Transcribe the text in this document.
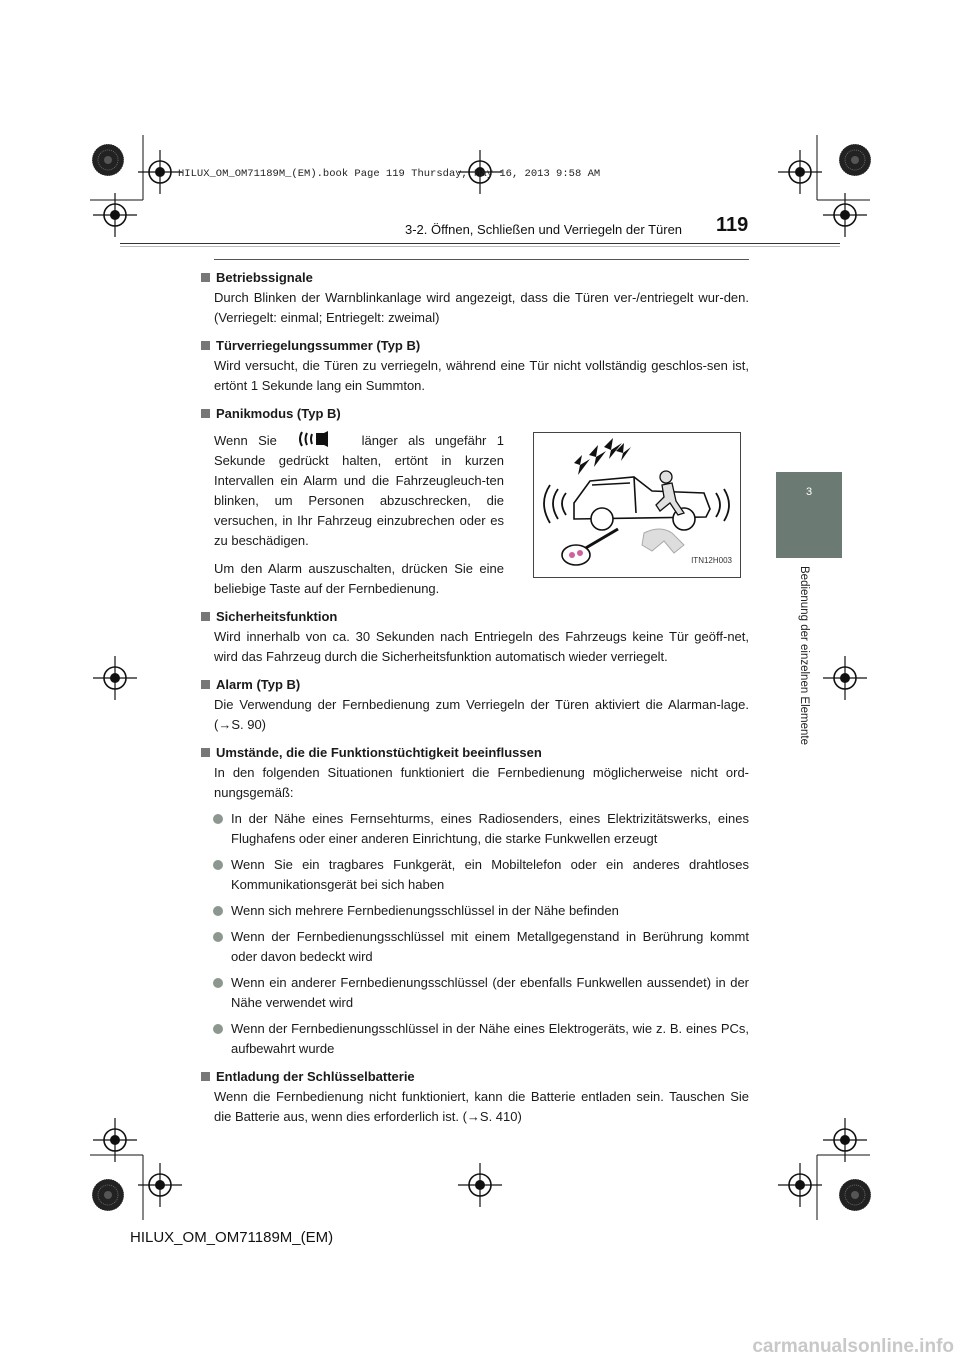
HILUX_OM_OM71189M_(EM).book Page 119 Thursday, May 16, 2013 9:58 AM
3-2. Öffnen, Schließen und Verriegeln der Türen 119
3
Bedienung der einzelnen Elemente
Betriebssignale
Durch Blinken der Warnblinkanlage wird angezeigt, dass die Türen ver-/entriegelt wur-den. (Verriegelt: einmal; Entriegelt: zweimal)
Türverriegelungssummer (Typ B)
Wird versucht, die Türen zu verriegeln, während eine Tür nicht vollständig geschlos-sen ist, ertönt 1 Sekunde lang ein Summton.
Panikmodus (Typ B)
Wenn Sie	länger als ungefähr 1 Sekunde gedrückt halten, ertönt in kurzen Intervallen ein Alarm und die Fahrzeugleuch-ten blinken, um Personen abzuschrecken, die versuchen, in Ihr Fahrzeug einzubrechen oder es zu beschädigen.
Um den Alarm auszuschalten, drücken Sie eine beliebige Taste auf der Fernbedienung.
ITN12H003
Sicherheitsfunktion
Wird innerhalb von ca. 30 Sekunden nach Entriegeln des Fahrzeugs keine Tür geöff-net, wird das Fahrzeug durch die Sicherheitsfunktion automatisch wieder verriegelt.
Alarm (Typ B)
Die Verwendung der Fernbedienung zum Verriegeln der Türen aktiviert die Alarman-lage. (→S. 90)
Umstände, die die Funktionstüchtigkeit beeinflussen
In den folgenden Situationen funktioniert die Fernbedienung möglicherweise nicht ord-nungsgemäß:
In der Nähe eines Fernsehturms, eines Radiosenders, eines Elektrizitätswerks, eines Flughafens oder einer anderen Einrichtung, die starke Funkwellen erzeugt
Wenn Sie ein tragbares Funkgerät, ein Mobiltelefon oder ein anderes drahtloses Kommunikationsgerät bei sich haben
Wenn sich mehrere Fernbedienungsschlüssel in der Nähe befinden
Wenn der Fernbedienungsschlüssel mit einem Metallgegenstand in Berührung kommt oder davon bedeckt wird
Wenn ein anderer Fernbedienungsschlüssel (der ebenfalls Funkwellen aussendet) in der Nähe verwendet wird
Wenn der Fernbedienungsschlüssel in der Nähe eines Elektrogeräts, wie z. B. eines PCs, aufbewahrt wurde
Entladung der Schlüsselbatterie
Wenn die Fernbedienung nicht funktioniert, kann die Batterie entladen sein. Tauschen Sie die Batterie aus, wenn dies erforderlich ist. (→S. 410)
HILUX_OM_OM71189M_(EM)
carmanualsonline.info
